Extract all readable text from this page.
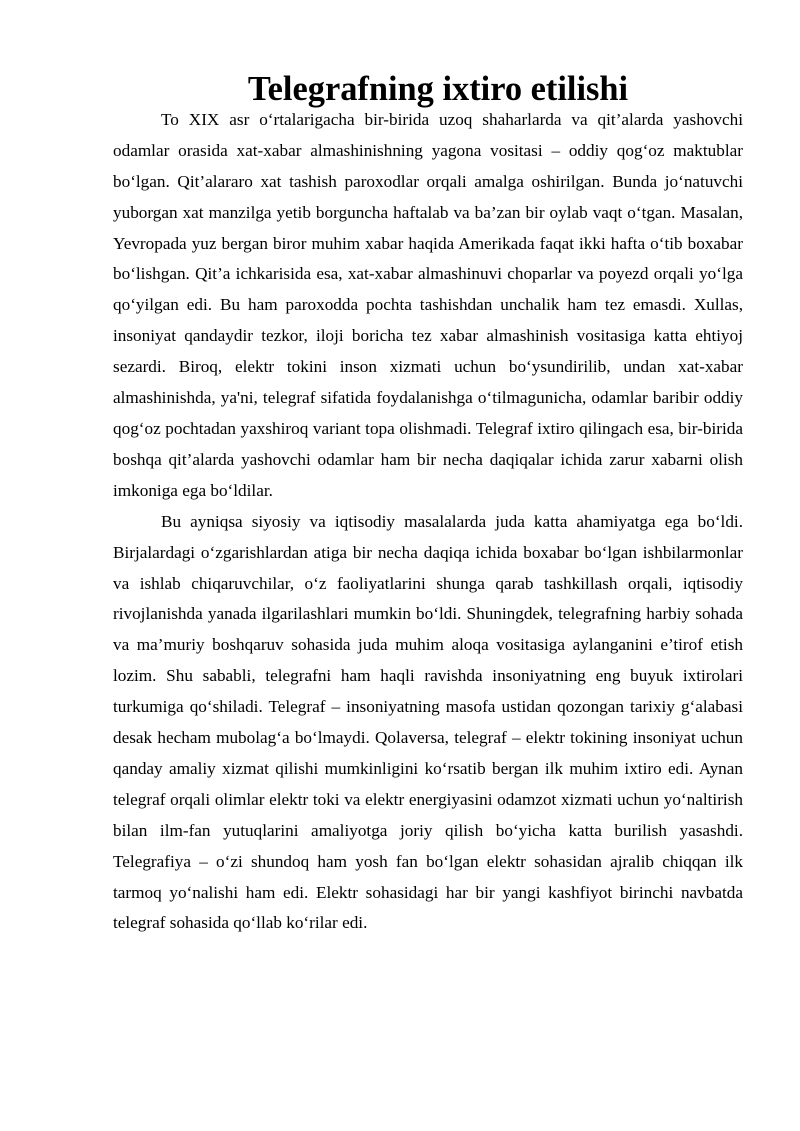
Telegrafning ixtiro etilishi

To XIX asr o‘rtalarigacha bir-birida uzoq shaharlarda va qit’alarda yashovchi odamlar orasida xat-xabar almashinishning yagona vositasi – oddiy qog‘oz maktublar bo‘lgan. Qit’alararo xat tashish paroxodlar orqali amalga oshirilgan. Bunda jo‘natuvchi yuborgan xat manzilga yetib borguncha haftalab va ba’zan bir oylab vaqt o‘tgan. Masalan, Yevropada yuz bergan biror muhim xabar haqida Amerikada faqat ikki hafta o‘tib boxabar bo‘lishgan. Qit’a ichkarisida esa, xat-xabar almashinuvi choparlar va poyezd orqali yo‘lga qo‘yilgan edi. Bu ham paroxodda pochta tashishdan unchalik ham tez emasdi. Xullas, insoniyat qandaydir tezkor, iloji boricha tez xabar almashinish vositasiga katta ehtiyoj sezardi. Biroq, elektr tokini inson xizmati uchun bo‘ysundirilib, undan xat-xabar almashinishda, ya'ni, telegraf sifatida foydalanishga o‘tilmagunicha, odamlar baribir oddiy qog‘oz pochtadan yaxshiroq variant topa olishmadi. Telegraf ixtiro qilingach esa, bir-birida boshqa qit’alarda yashovchi odamlar ham bir necha daqiqalar ichida zarur xabarni olish imkoniga ega bo‘ldilar.

Bu ayniqsa siyosiy va iqtisodiy masalalarda juda katta ahamiyatga ega bo‘ldi. Birjalardagi o‘zgarishlardan atiga bir necha daqiqa ichida boxabar bo‘lgan ishbilarmonlar va ishlab chiqaruvchilar, o‘z faoliyatlarini shunga qarab tashkillash orqali, iqtisodiy rivojlanishda yanada ilgarilashlari mumkin bo‘ldi. Shuningdek, telegrafning harbiy sohada va ma’muriy boshqaruv sohasida juda muhim aloqa vositasiga aylanganini e’tirof etish lozim. Shu sababli, telegrafni ham haqli ravishda insoniyatning eng buyuk ixtirolari turkumiga qo‘shiladi. Telegraf – insoniyatning masofa ustidan qozongan tarixiy g‘alabasi desak hecham mubolag‘a bo‘lmaydi. Qolaversa, telegraf – elektr tokining insoniyat uchun qanday amaliy xizmat qilishi mumkinligini ko‘rsatib bergan ilk muhim ixtiro edi. Aynan telegraf orqali olimlar elektr toki va elektr energiyasini odamzot xizmati uchun yo‘naltirish bilan ilm-fan yutuqlarini amaliyotga joriy qilish bo‘yicha katta burilish yasashdi. Telegrafiya – o‘zi shundoq ham yosh fan bo‘lgan elektr sohasidan ajralib chiqqan ilk tarmoq yo‘nalishi ham edi. Elektr sohasidagi har bir yangi kashfiyot birinchi navbatda telegraf sohasida qo‘llab ko‘rilar edi.
